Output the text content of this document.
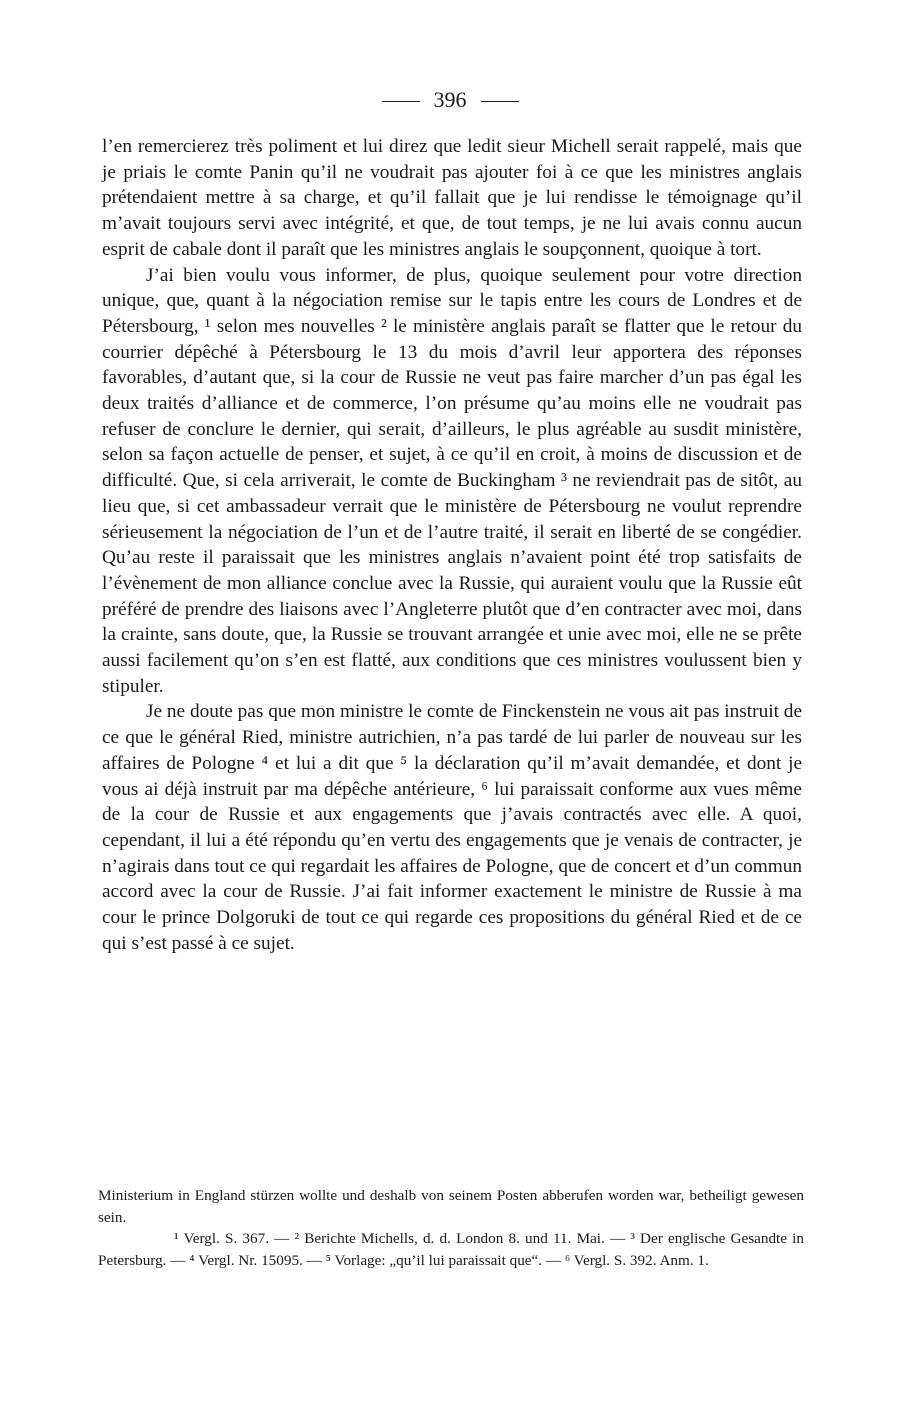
396

l’en remercierez très poliment et lui direz que ledit sieur Michell serait rappelé, mais que je priais le comte Panin qu’il ne voudrait pas ajouter foi à ce que les ministres anglais prétendaient mettre à sa charge, et qu’il fallait que je lui rendisse le témoignage qu’il m’avait toujours servi avec intégrité, et que, de tout temps, je ne lui avais connu aucun esprit de cabale dont il paraît que les ministres anglais le soupçonnent, quoique à tort.

J’ai bien voulu vous informer, de plus, quoique seulement pour votre direction unique, que, quant à la négociation remise sur le tapis entre les cours de Londres et de Pétersbourg, ¹ selon mes nouvelles ² le ministère anglais paraît se flatter que le retour du courrier dépêché à Pétersbourg le 13 du mois d’avril leur apportera des réponses favorables, d’autant que, si la cour de Russie ne veut pas faire marcher d’un pas égal les deux traités d’alliance et de commerce, l’on présume qu’au moins elle ne voudrait pas refuser de conclure le dernier, qui serait, d’ailleurs, le plus agréable au susdit ministère, selon sa façon actuelle de penser, et sujet, à ce qu’il en croit, à moins de discussion et de difficulté. Que, si cela arriverait, le comte de Buckingham ³ ne reviendrait pas de sitôt, au lieu que, si cet ambassadeur verrait que le ministère de Pétersbourg ne voulut reprendre sérieusement la négociation de l’un et de l’autre traité, il serait en liberté de se congédier. Qu’au reste il paraissait que les ministres anglais n’avaient point été trop satisfaits de l’évènement de mon alliance conclue avec la Russie, qui auraient voulu que la Russie eût préféré de prendre des liaisons avec l’Angleterre plutôt que d’en contracter avec moi, dans la crainte, sans doute, que, la Russie se trouvant arrangée et unie avec moi, elle ne se prête aussi facilement qu’on s’en est flatté, aux conditions que ces ministres voulussent bien y stipuler.

Je ne doute pas que mon ministre le comte de Finckenstein ne vous ait pas instruit de ce que le général Ried, ministre autrichien, n’a pas tardé de lui parler de nouveau sur les affaires de Pologne ⁴ et lui a dit que ⁵ la déclaration qu’il m’avait demandée, et dont je vous ai déjà instruit par ma dépêche antérieure, ⁶ lui paraissait conforme aux vues même de la cour de Russie et aux engagements que j’avais contractés avec elle. A quoi, cependant, il lui a été répondu qu’en vertu des engagements que je venais de contracter, je n’agirais dans tout ce qui regardait les affaires de Pologne, que de concert et d’un commun accord avec la cour de Russie. J’ai fait informer exactement le ministre de Russie à ma cour le prince Dolgoruki de tout ce qui regarde ces propositions du général Ried et de ce qui s’est passé à ce sujet.

Ministerium in England stürzen wollte und deshalb von seinem Posten abberufen worden war, betheiligt gewesen sein.

¹ Vergl. S. 367. — ² Berichte Michells, d. d. London 8. und 11. Mai. — ³ Der englische Gesandte in Petersburg. — ⁴ Vergl. Nr. 15095. — ⁵ Vorlage: „qu’il lui paraissait que“. — ⁶ Vergl. S. 392. Anm. 1.
